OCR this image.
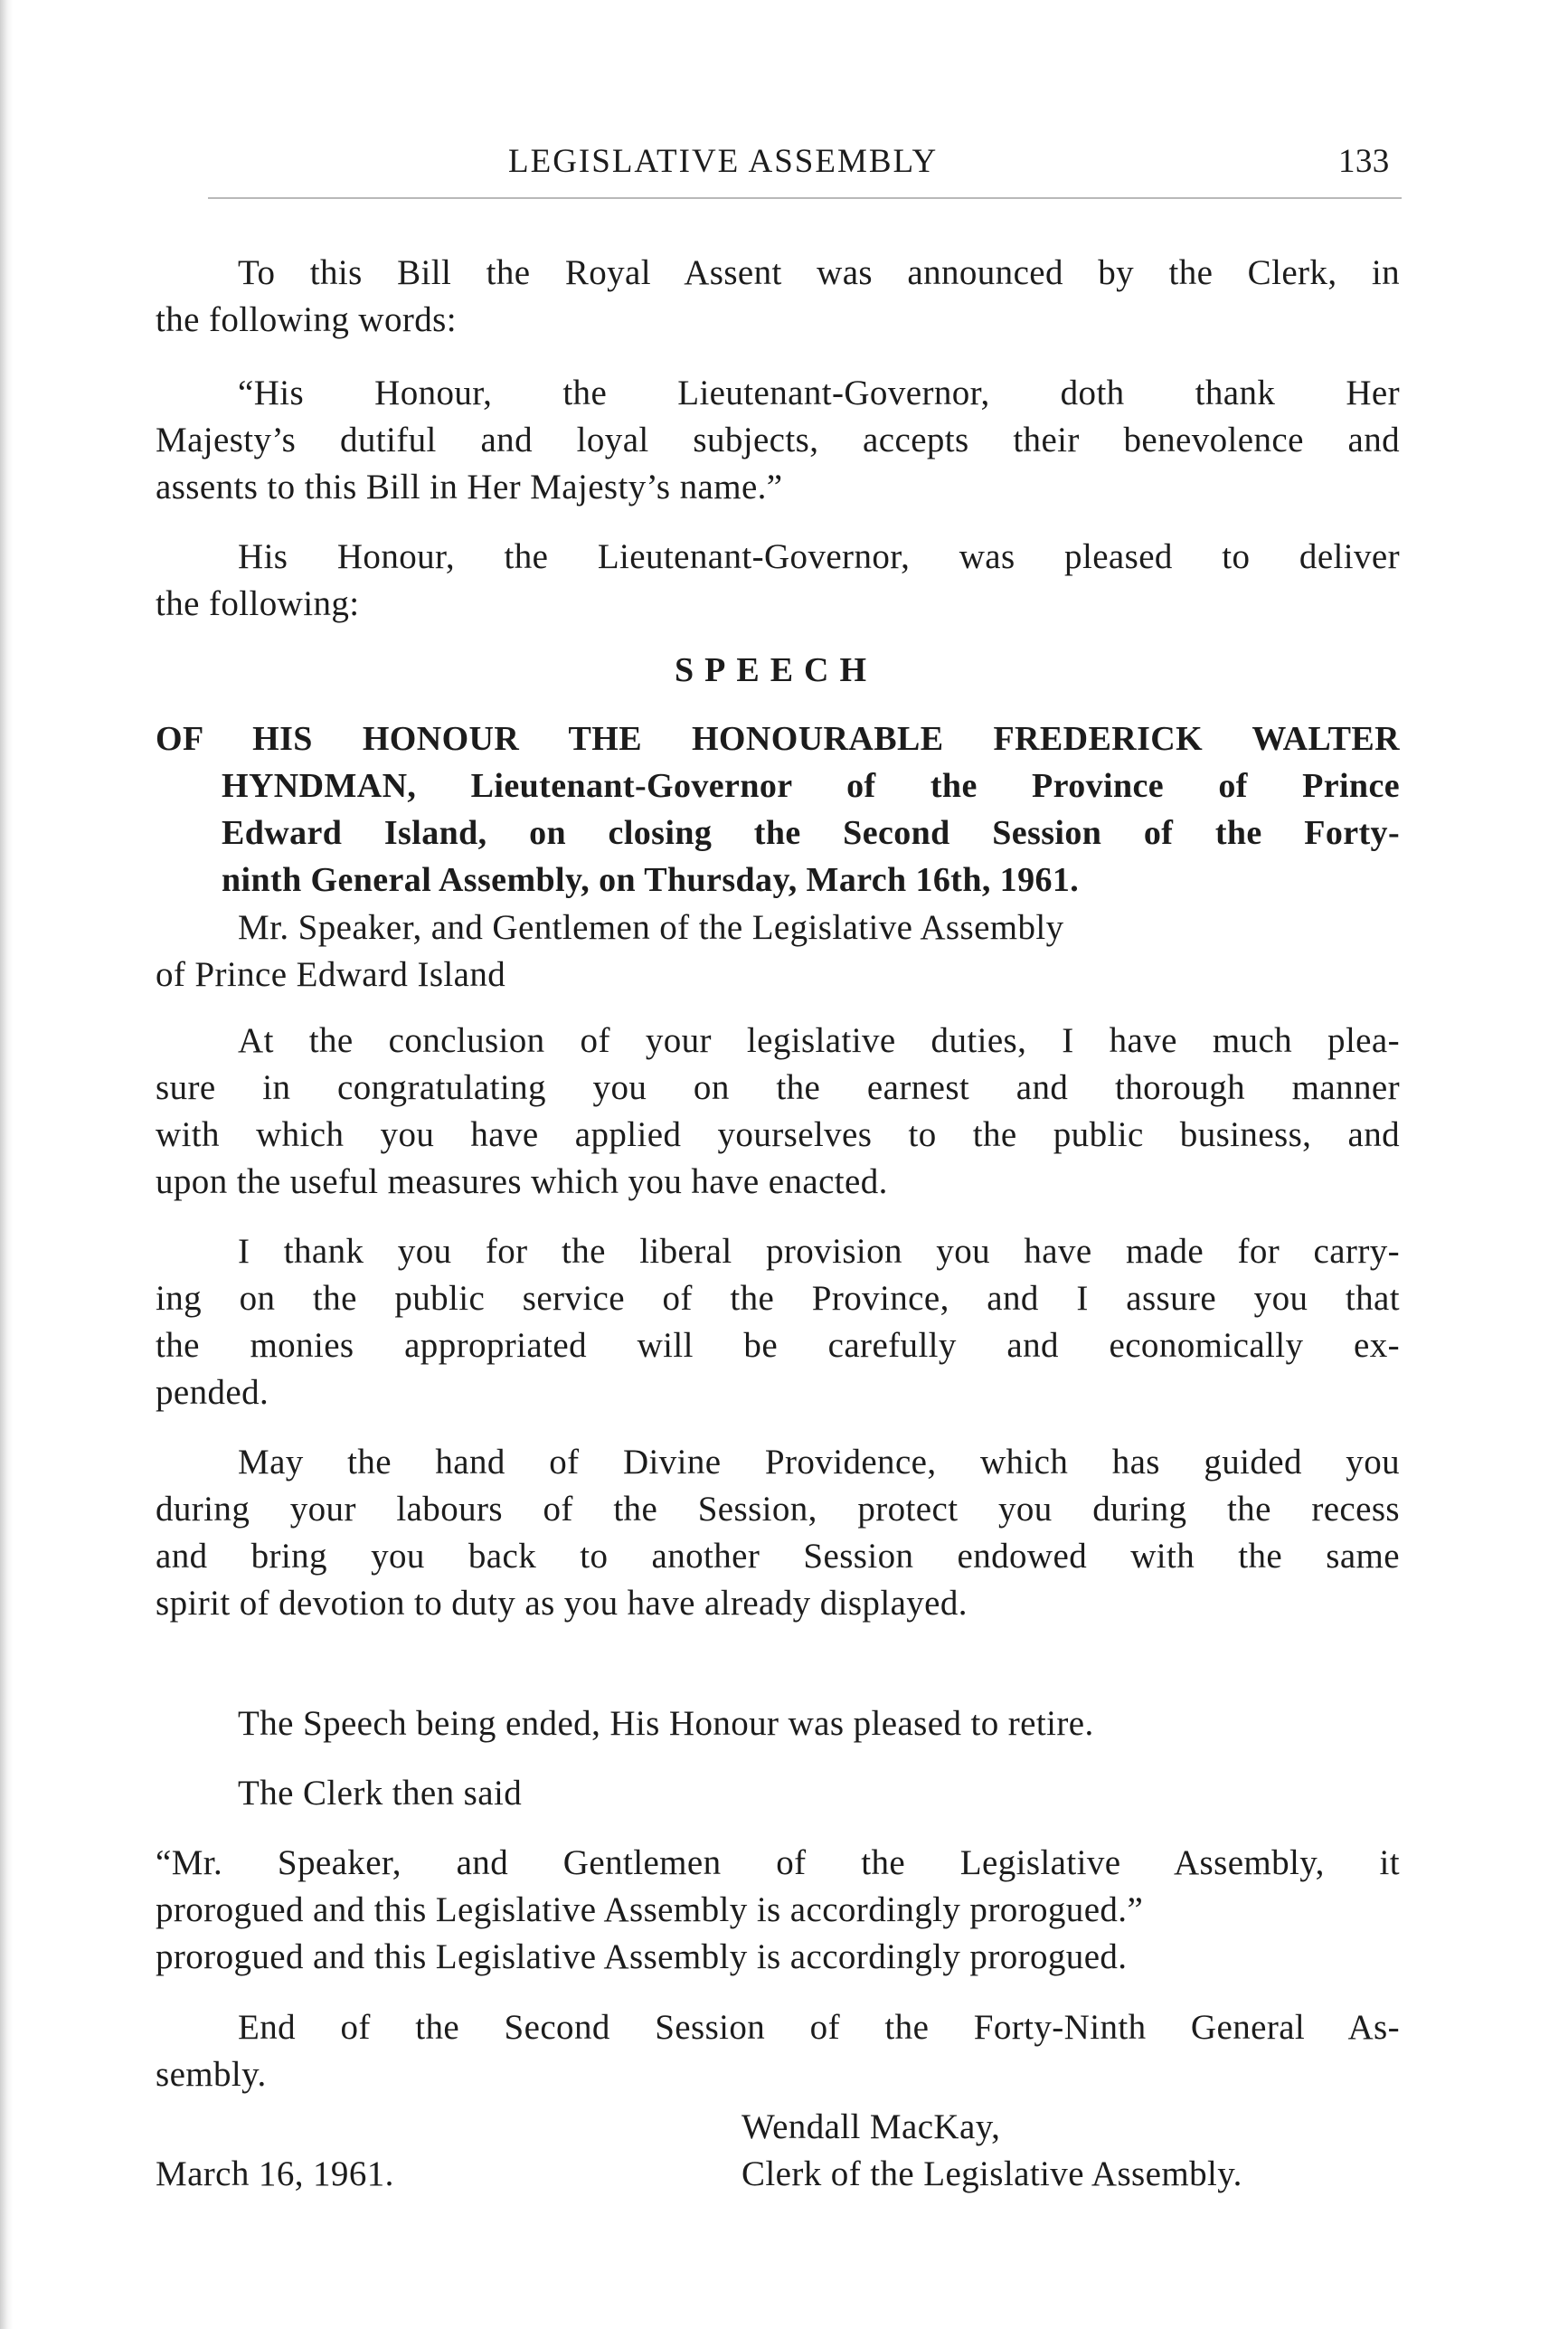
LEGISLATIVE ASSEMBLY	133
To this Bill the Royal Assent was announced by the Clerk, in
the following words:
“His Honour, the Lieutenant-Governor, doth thank Her
Majesty’s dutiful and loyal subjects, accepts their benevolence and
assents to this Bill in Her Majesty’s name.”
His Honour, the Lieutenant-Governor, was pleased to deliver
the following:
SPEECH
OF HIS HONOUR THE HONOURABLE FREDERICK WALTER
HYNDMAN, Lieutenant-Governor of the Province of Prince
Edward Island, on closing the Second Session of the Forty-
ninth General Assembly, on Thursday, March 16th, 1961.
Mr. Speaker, and Gentlemen of the Legislative Assembly
of Prince Edward Island
At the conclusion of your legislative duties, I have much plea-
sure in congratulating you on the earnest and thorough manner
with which you have applied yourselves to the public business, and
upon the useful measures which you have enacted.
I thank you for the liberal provision you have made for carry-
ing on the public service of the Province, and I assure you that
the monies appropriated will be carefully and economically ex-
pended.
May the hand of Divine Providence, which has guided you
during your labours of the Session, protect you during the recess
and bring you back to another Session endowed with the same
spirit of devotion to duty as you have already displayed.
The Speech being ended, His Honour was pleased to retire.
The Clerk then said
“Mr. Speaker, and Gentlemen of the Legislative Assembly, it
prorogued and this Legislative Assembly is accordingly prorogued.”
prorogued and this Legislative Assembly is accordingly prorogued.
End of the Second Session of the Forty-Ninth General As-
sembly.
Wendall MacKay,
March 16, 1961.	Clerk of the Legislative Assembly.
